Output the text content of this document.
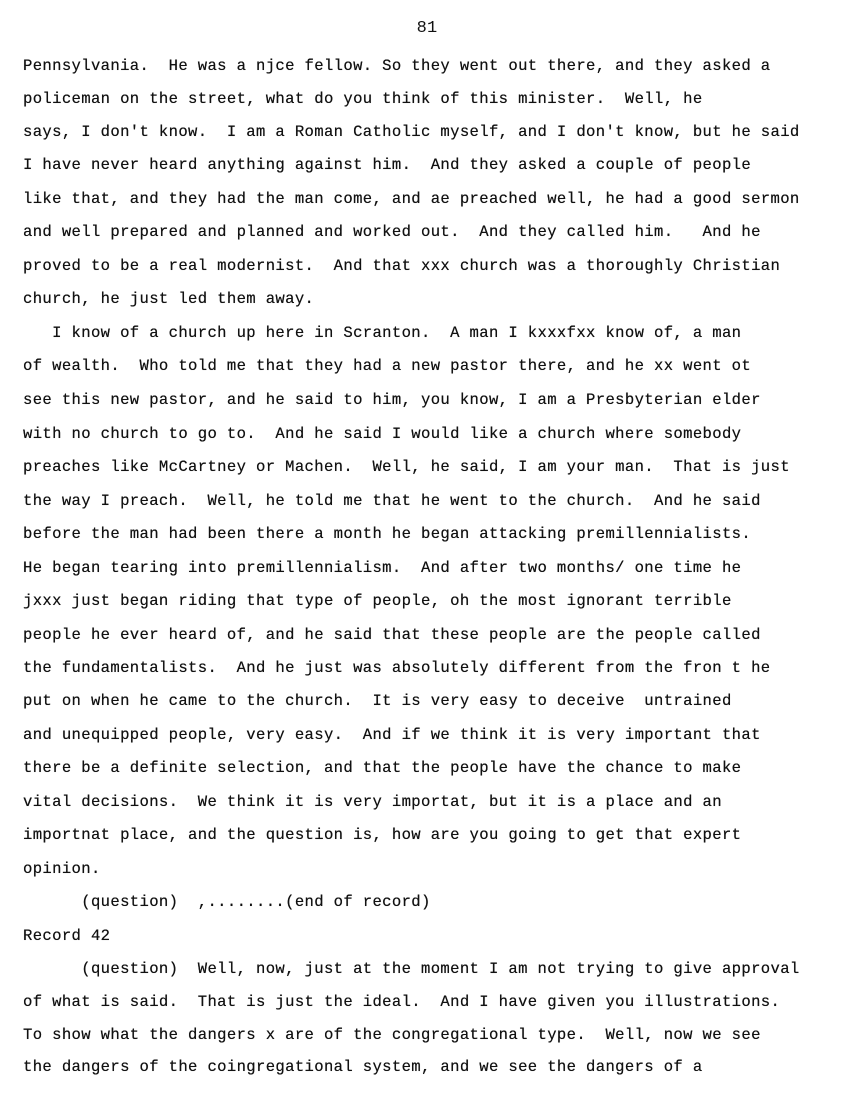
81
Pennsylvania.  He was a njce fellow. So they went out there, and they asked a
policeman on the street, what do you think of this minister.  Well, he
says, I don't know.  I am a Roman Catholic myself, and I don't know, but he said
I have never heard anything against him.  And they asked a couple of people
like that, and they had the man come, and ae preached well, he had a good sermon
and well prepared and planned and worked out.  And they called him.   And he
proved to be a real modernist.  And that xxx church was a thoroughly Christian
church, he just led them away.
I know of a church up here in Scranton.  A man I kxxxfxx know of, a man
of wealth.  Who told me that they had a new pastor there, and he xx went ot
see this new pastor, and he said to him, you know, I am a Presbyterian elder
with no church to go to.  And he said I would like a church where somebody
preaches like McCartney or Machen.  Well, he said, I am your man.  That is just
the way I preach.  Well, he told me that he went to the church.  And he said
before the man had been there a month he began attacking premillennialists.
He began tearing into premillennialism.  And after two months/ one time he
jxxx just began riding that type of people, oh the most ignorant terrible
people he ever heard of, and he said that these people are the people called
the fundamentalists.  And he just was absolutely different from the fron t he
put on when he came to the church.  It is very easy to deceive  untrained
and unequipped people, very easy.  And if we think it is very important that
there be a definite selection, and that the people have the chance to make
vital decisions.  We think it is very importat, but it is a place and an
importnat place, and the question is, how are you going to get that expert
opinion.
(question)  ,........(end of record)
Record 42
(question)  Well, now, just at the moment I am not trying to give approval
of what is said.  That is just the ideal.  And I have given you illustrations.
To show what the dangers x are of the congregational type.  Well, now we see
the dangers of the coingregational system, and we see the dangers of a
